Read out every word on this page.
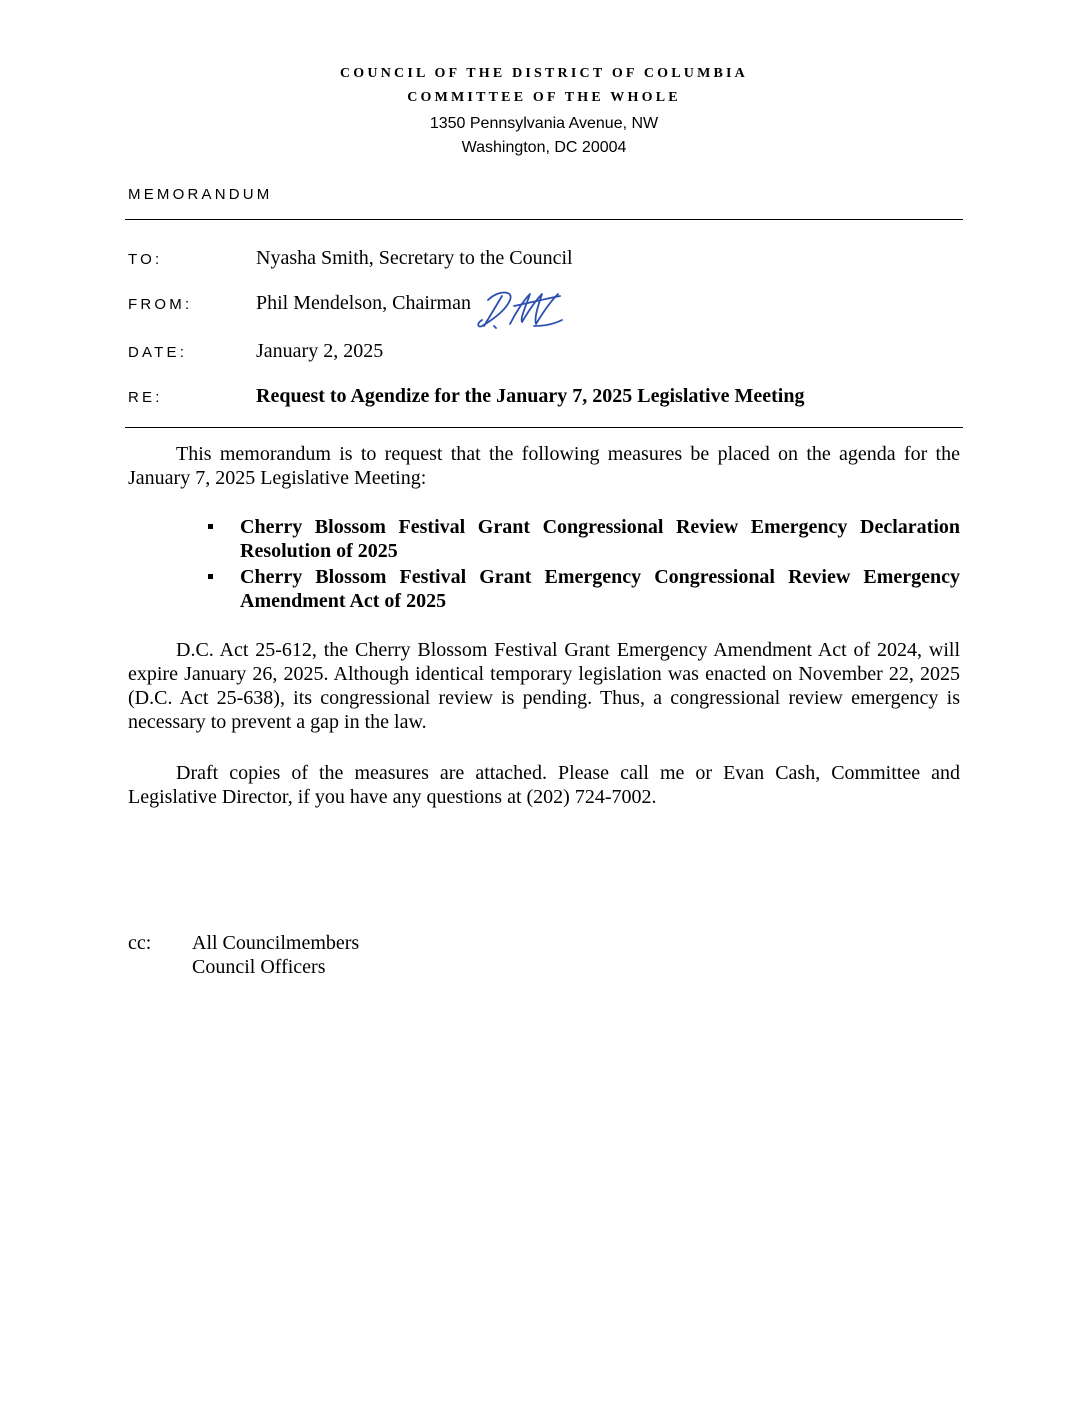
COUNCIL OF THE DISTRICT OF COLUMBIA
COMMITTEE OF THE WHOLE
1350 Pennsylvania Avenue, NW
Washington, DC 20004
MEMORANDUM
TO:	Nyasha Smith, Secretary to the Council
FROM:	Phil Mendelson, Chairman
DATE:	January 2, 2025
RE:	Request to Agendize for the January 7, 2025 Legislative Meeting

This memorandum is to request that the following measures be placed on the agenda for the January 7, 2025 Legislative Meeting:

Cherry Blossom Festival Grant Congressional Review Emergency Declaration Resolution of 2025
Cherry Blossom Festival Grant Emergency Congressional Review Emergency Amendment Act of 2025

D.C. Act 25-612, the Cherry Blossom Festival Grant Emergency Amendment Act of 2024, will expire January 26, 2025. Although identical temporary legislation was enacted on November 22, 2025 (D.C. Act 25-638), its congressional review is pending. Thus, a congressional review emergency is necessary to prevent a gap in the law.

Draft copies of the measures are attached. Please call me or Evan Cash, Committee and Legislative Director, if you have any questions at (202) 724-7002.

cc: All Councilmembers
Council Officers
